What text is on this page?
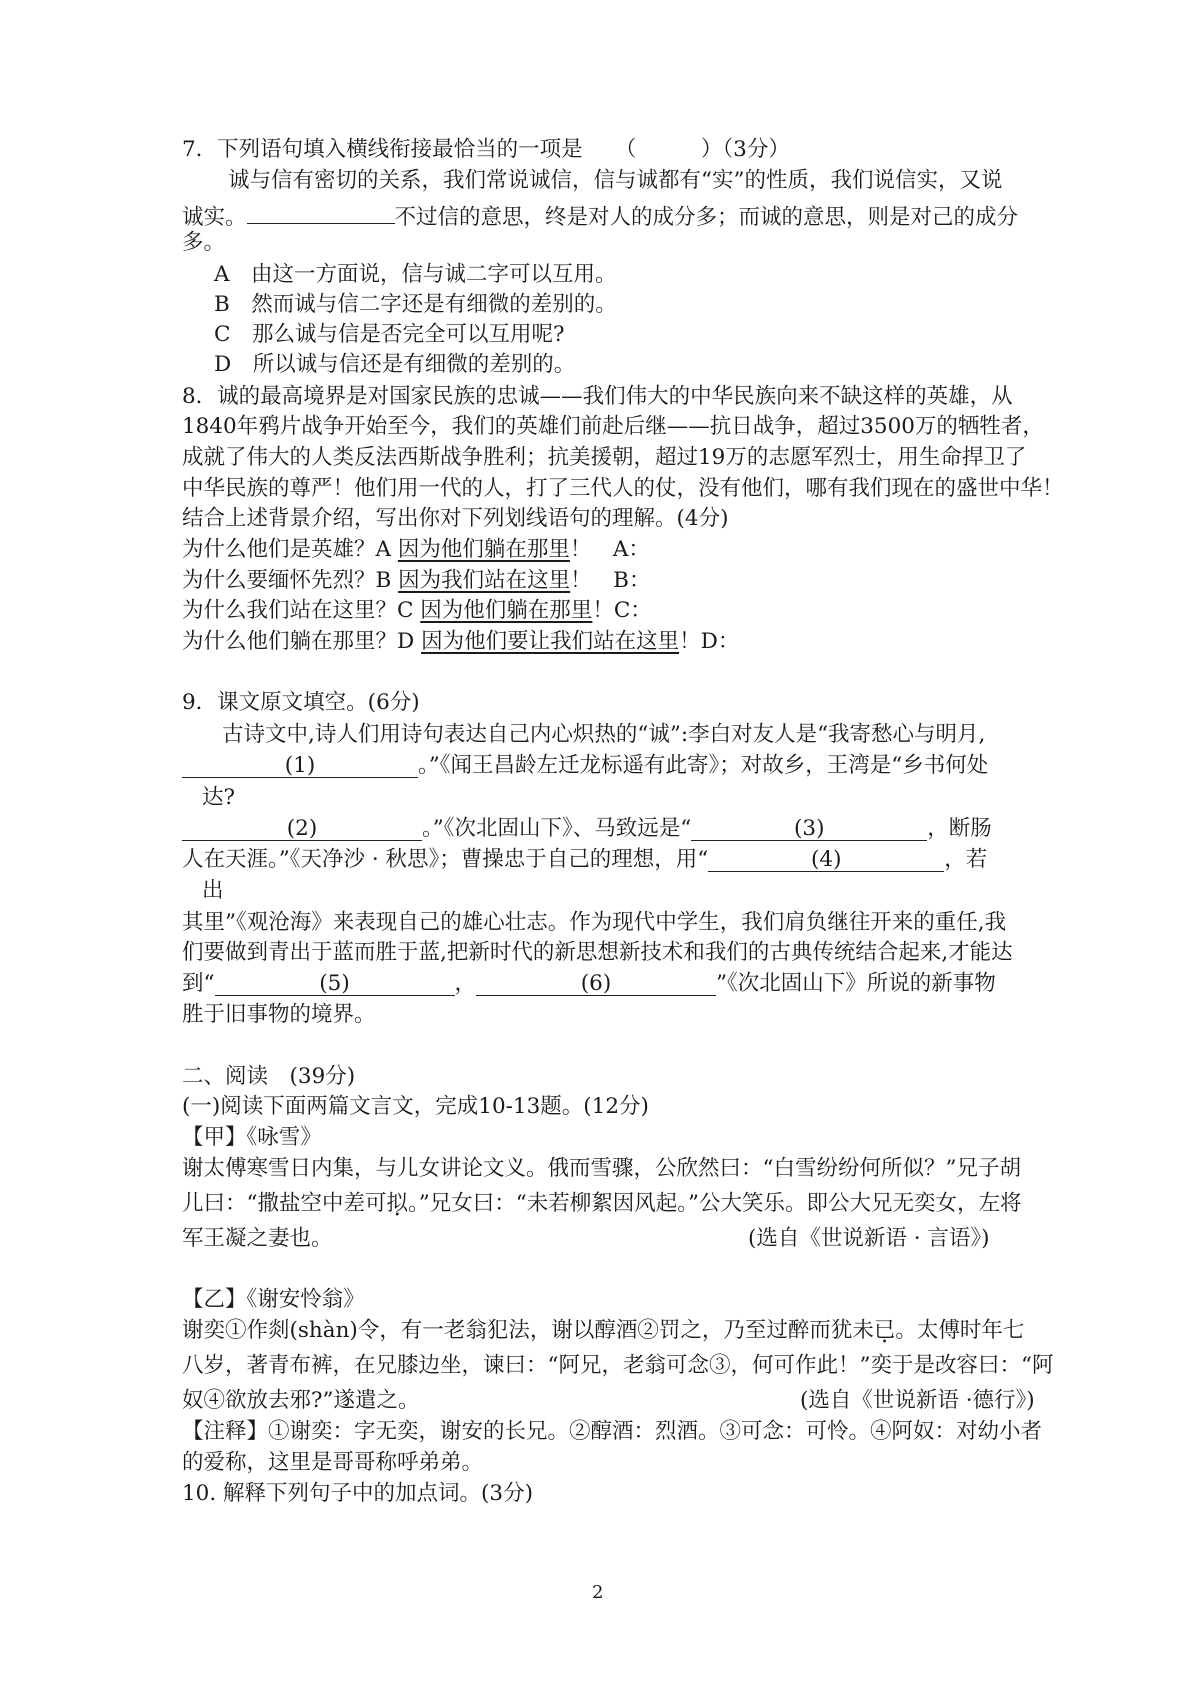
7．下列语句填入横线衔接最恰当的一项是　　（　　　）（3分）
诚与信有密切的关系，我们常说诚信，信与诚都有“实”的性质，我们说信实，又说
诚实。	不过信的意思，终是对人的成分多；而诚的意思，则是对己的成分
多。
A　由这一方面说，信与诚二字可以互用。
B　然而诚与信二字还是有细微的差别的。
C　那么诚与信是否完全可以互用呢?
D　所以诚与信还是有细微的差别的。
8．诚的最高境界是对国家民族的忠诚——我们伟大的中华民族向来不缺这样的英雄，从
1840年鸦片战争开始至今，我们的英雄们前赴后继——抗日战争，超过3500万的牺牲者，
成就了伟大的人类反法西斯战争胜利；抗美援朝，超过19万的志愿军烈士，用生命捍卫了
中华民族的尊严！他们用一代的人，打了三代人的仗，没有他们，哪有我们现在的盛世中华！
结合上述背景介绍，写出你对下列划线语句的理解。(4分)
为什么他们是英雄？A 因为他们躺在那里！　A：
为什么要缅怀先烈？B 因为我们站在这里！　B：
为什么我们站在这里？C 因为他们躺在那里！C：
为什么他们躺在那里？D 因为他们要让我们站在这里！D：
9．课文原文填空。(6分)
古诗文中,诗人们用诗句表达自己内心炽热的“诚”:李白对友人是“我寄愁心与明月,
(1)	。”《闻王昌龄左迁龙标遥有此寄》；对故乡，王湾是“乡书何处
达?
(2)	。”《次北固山下》、马致远是“	(3)	，断肠
人在天涯。”《天净沙 · 秋思》；曹操忠于自己的理想，用“	(4)	，若
出
其里”《观沧海》来表现自己的雄心壮志。作为现代中学生，我们肩负继往开来的重任,我
们要做到青出于蓝而胜于蓝,把新时代的新思想新技术和我们的古典传统结合起来,才能达
到“	(5)	，	(6)	”《次北固山下》所说的新事物
胜于旧事物的境界。
二、阅读　(39分)
(一)阅读下面两篇文言文，完成10-13题。(12分)
【甲】《咏雪》
谢太傅寒雪日内集，与儿女讲论文义。俄而雪骤，公欣然曰：“白雪纷纷何所似？”兄子胡
儿曰：“撒盐空中差可拟。”兄女曰：“未若柳絮因风起。”公大笑乐。即公大兄无奕女，左将
军王凝之妻也。	(选自《世说新语 · 言语》)
【乙】《谢安怜翁》
谢奕①作剡(shàn)令，有一老翁犯法，谢以醇酒②罚之，乃至过醉而犹未已。太傅时年七
八岁，著青布裤，在兄膝边坐，谏曰：“阿兄，老翁可念③，何可作此！”奕于是改容曰：“阿
奴④欲放去邪?”遂遣之。	(选自《世说新语 ·德行》)
【注释】①谢奕：字无奕，谢安的长兄。②醇酒：烈酒。③可念：可怜。④阿奴：对幼小者
的爱称，这里是哥哥称呼弟弟。
10. 解释下列句子中的加点词。(3分)
2
